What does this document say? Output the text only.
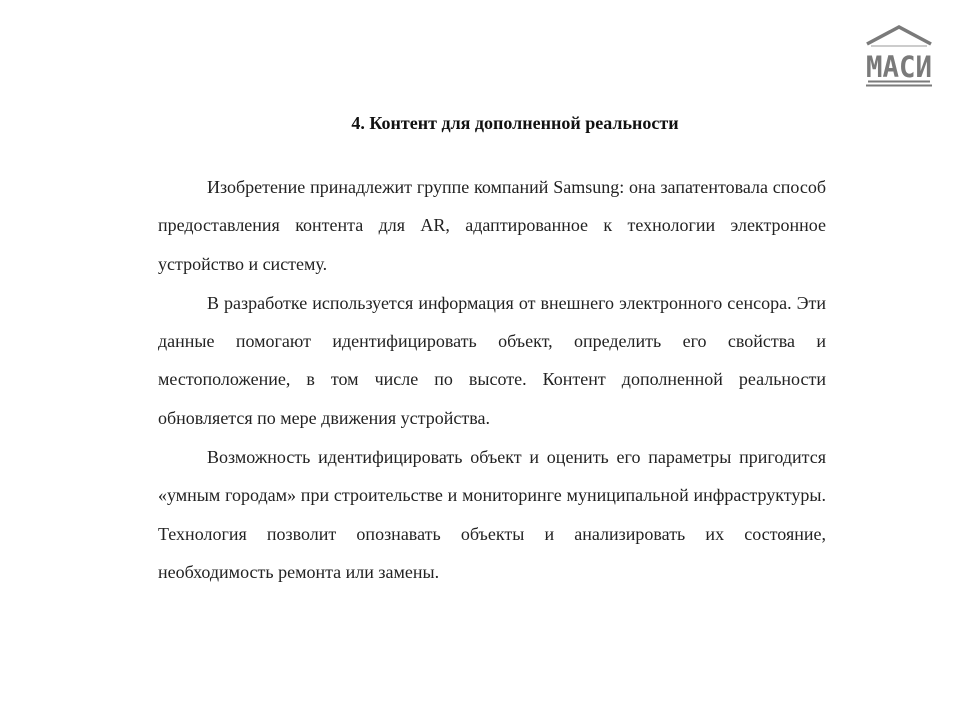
МАСИ
4. Контент для дополненной реальности

Изобретение принадлежит группе компаний Samsung: она запатентовала способ предоставления контента для AR, адаптированное к технологии электронное устройство и систему.

В разработке используется информация от внешнего электронного сенсора. Эти данные помогают идентифицировать объект, определить его свойства и местоположение, в том числе по высоте. Контент дополненной реальности обновляется по мере движения устройства.

Возможность идентифицировать объект и оценить его параметры пригодится «умным городам» при строительстве и мониторинге муниципальной инфраструктуры. Технология позволит опознавать объекты и анализировать их состояние, необходимость ремонта или замены.
